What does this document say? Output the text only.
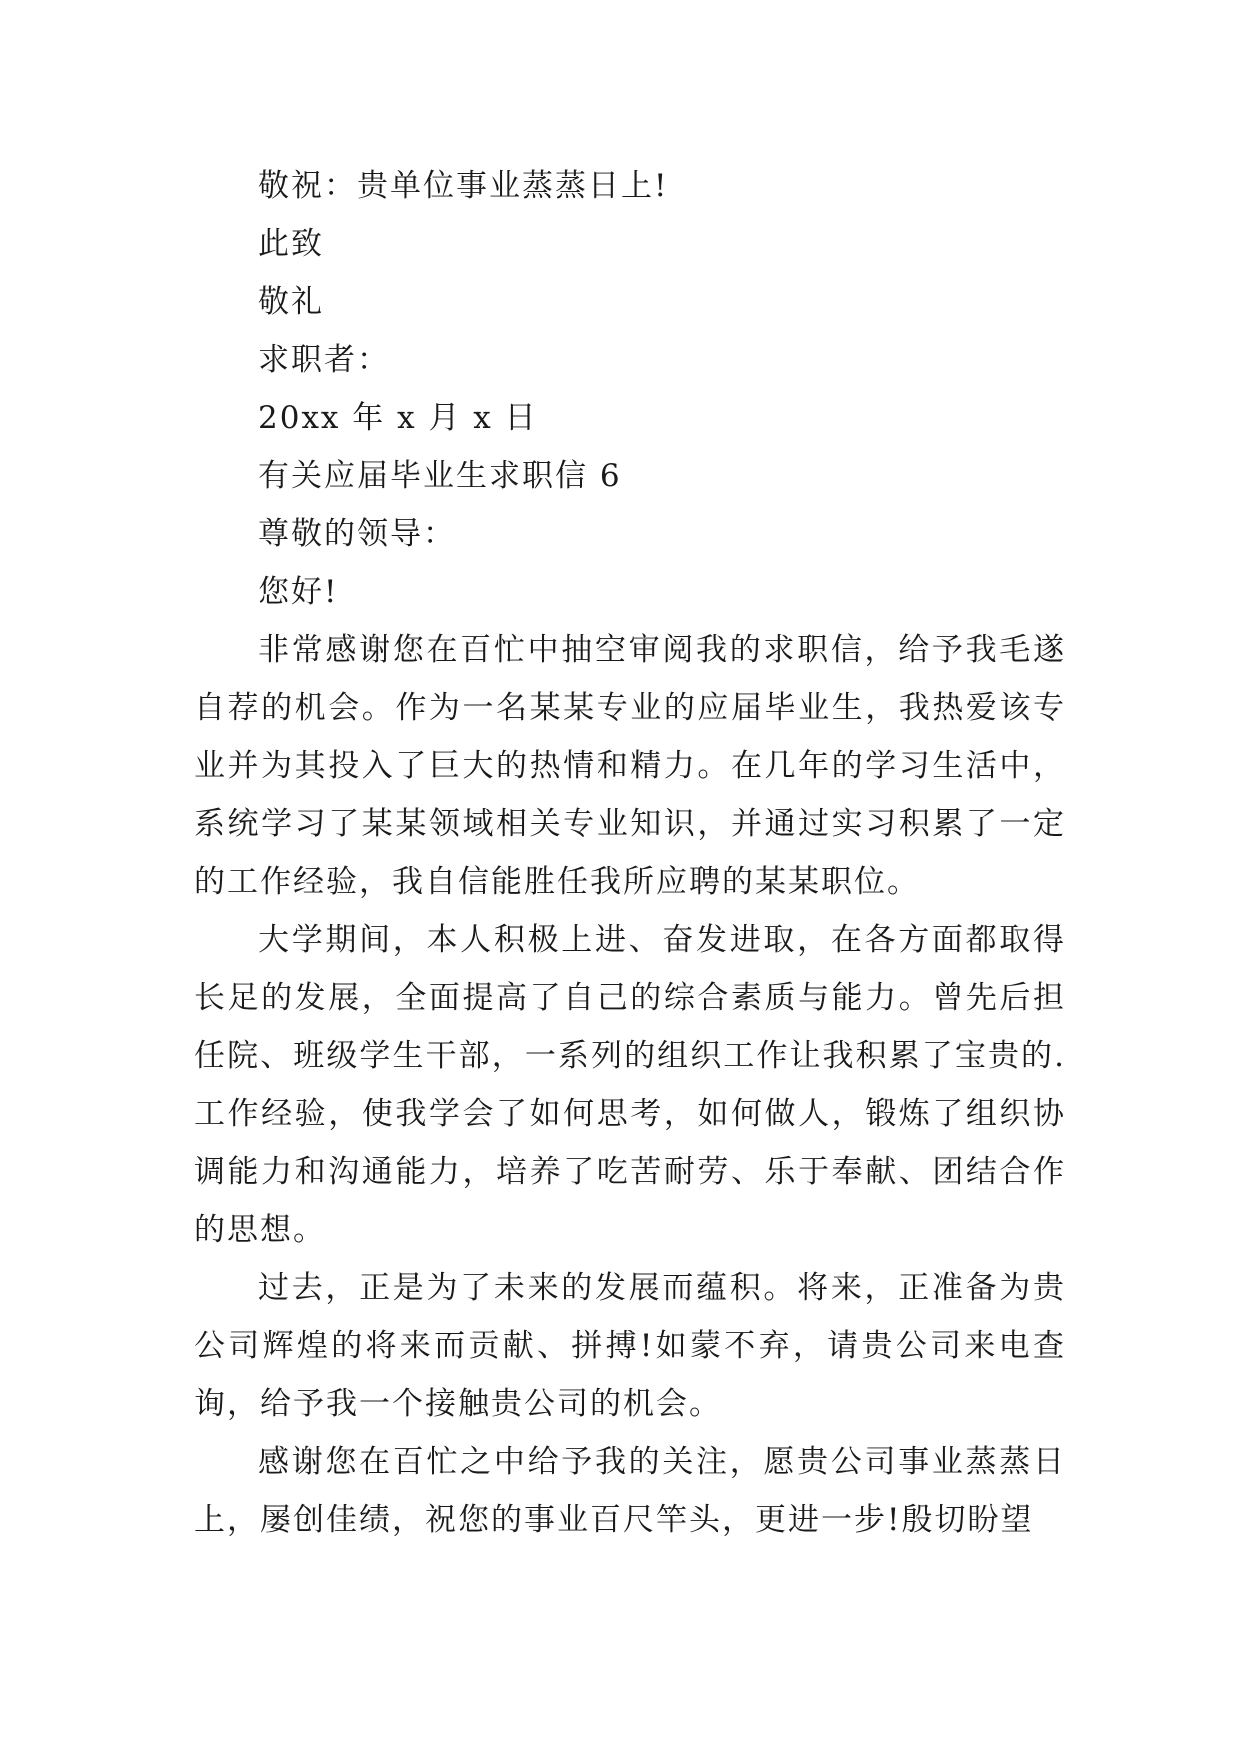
敬祝：贵单位事业蒸蒸日上!
此致
敬礼
求职者：
20xx 年 x 月 x 日
有关应届毕业生求职信 6
尊敬的领导：
您好!

非常感谢您在百忙中抽空审阅我的求职信，给予我毛遂自荐的机会。作为一名某某专业的应届毕业生，我热爱该专业并为其投入了巨大的热情和精力。在几年的学习生活中，系统学习了某某领域相关专业知识，并通过实习积累了一定的工作经验，我自信能胜任我所应聘的某某职位。

大学期间，本人积极上进、奋发进取，在各方面都取得长足的发展，全面提高了自己的综合素质与能力。曾先后担任院、班级学生干部，一系列的组织工作让我积累了宝贵的.工作经验，使我学会了如何思考，如何做人，锻炼了组织协调能力和沟通能力，培养了吃苦耐劳、乐于奉献、团结合作的思想。

过去，正是为了未来的发展而蕴积。将来，正准备为贵公司辉煌的将来而贡献、拼搏!如蒙不弃，请贵公司来电查询，给予我一个接触贵公司的机会。

感谢您在百忙之中给予我的关注，愿贵公司事业蒸蒸日上，屡创佳绩，祝您的事业百尺竿头，更进一步!殷切盼望
